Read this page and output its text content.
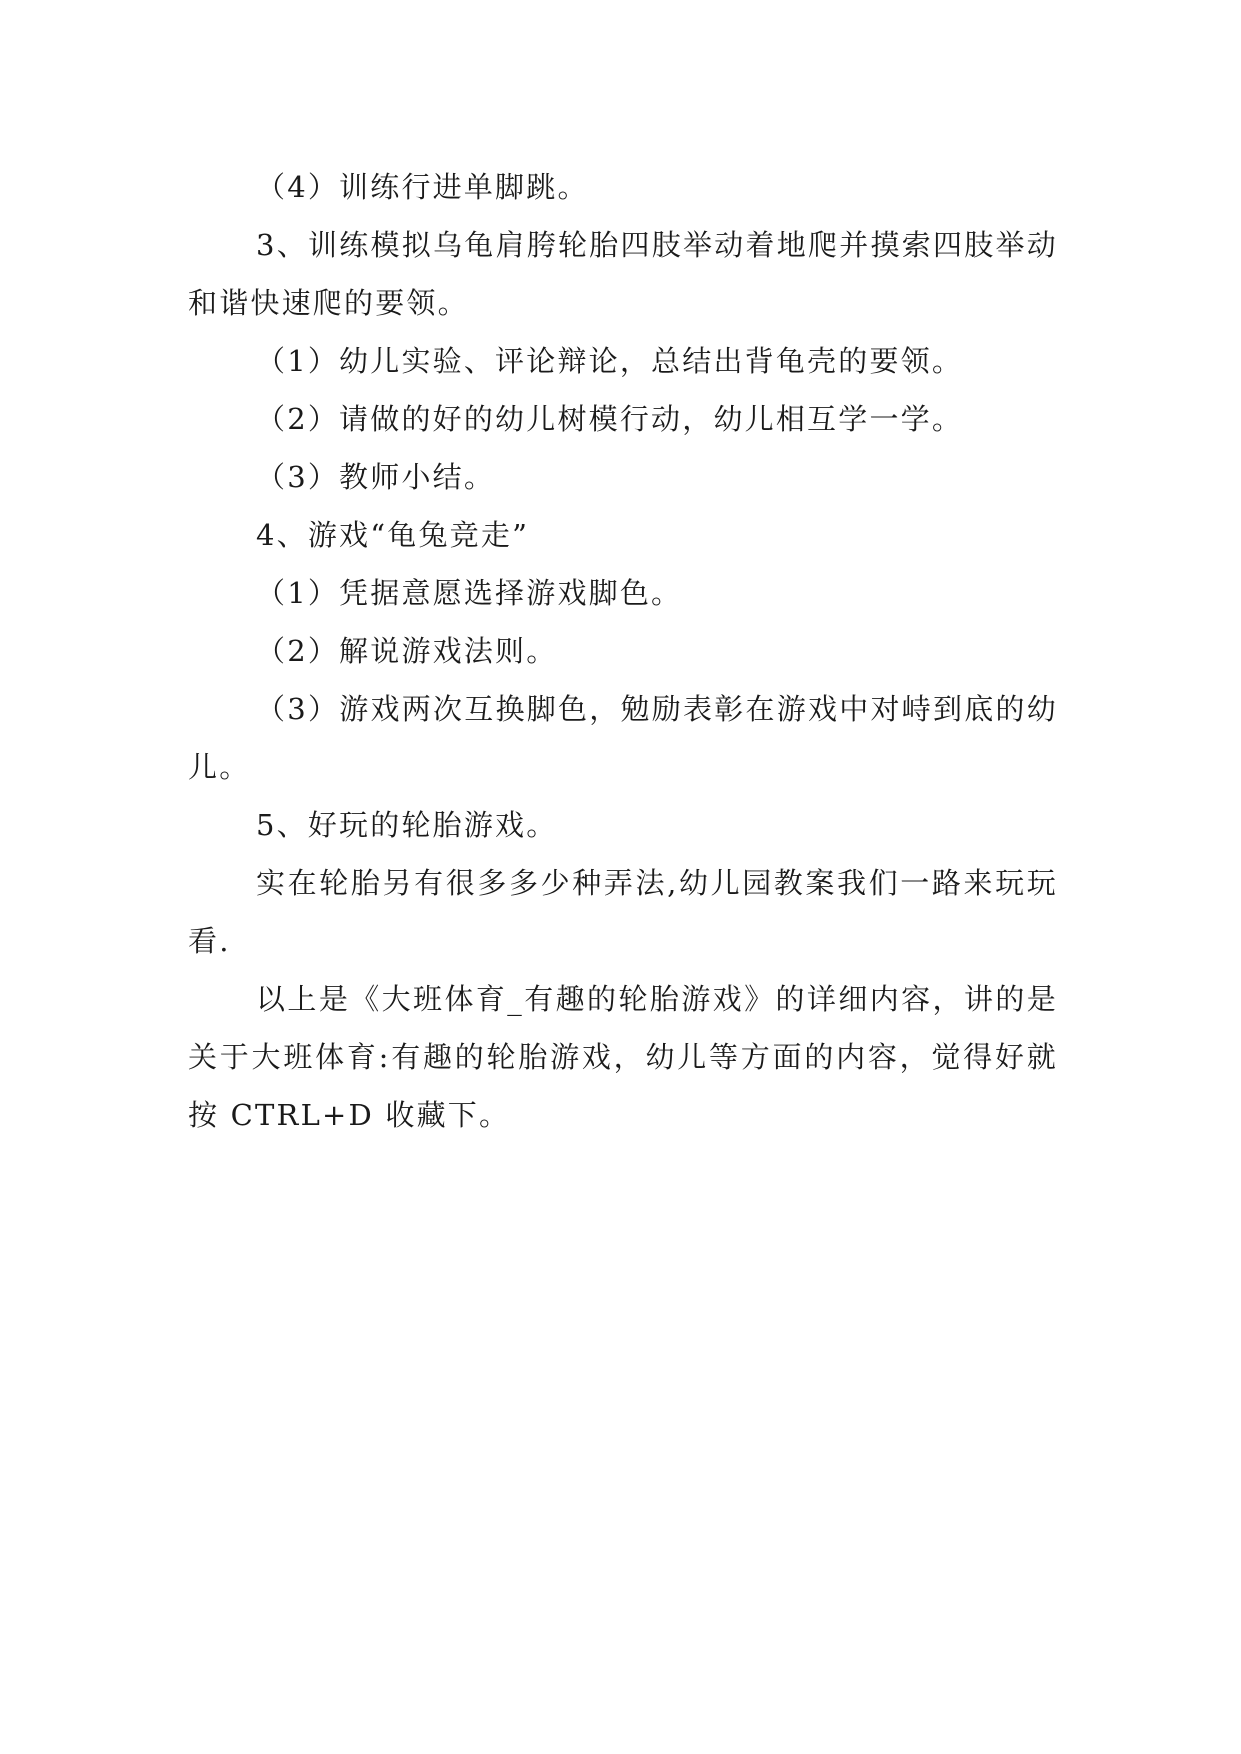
（4）训练行进单脚跳。

3、训练模拟乌龟肩胯轮胎四肢举动着地爬并摸索四肢举动和谐快速爬的要领。

（1）幼儿实验、评论辩论，总结出背龟壳的要领。

（2）请做的好的幼儿树模行动，幼儿相互学一学。

（3）教师小结。

4、游戏“龟兔竞走”

（1）凭据意愿选择游戏脚色。

（2）解说游戏法则。

（3）游戏两次互换脚色，勉励表彰在游戏中对峙到底的幼儿。

5、好玩的轮胎游戏。

实在轮胎另有很多多少种弄法,幼儿园教案我们一路来玩玩看.

以上是《大班体育_有趣的轮胎游戏》的详细内容，讲的是关于大班体育:有趣的轮胎游戏，幼儿等方面的内容，觉得好就按 CTRL+D 收藏下。
